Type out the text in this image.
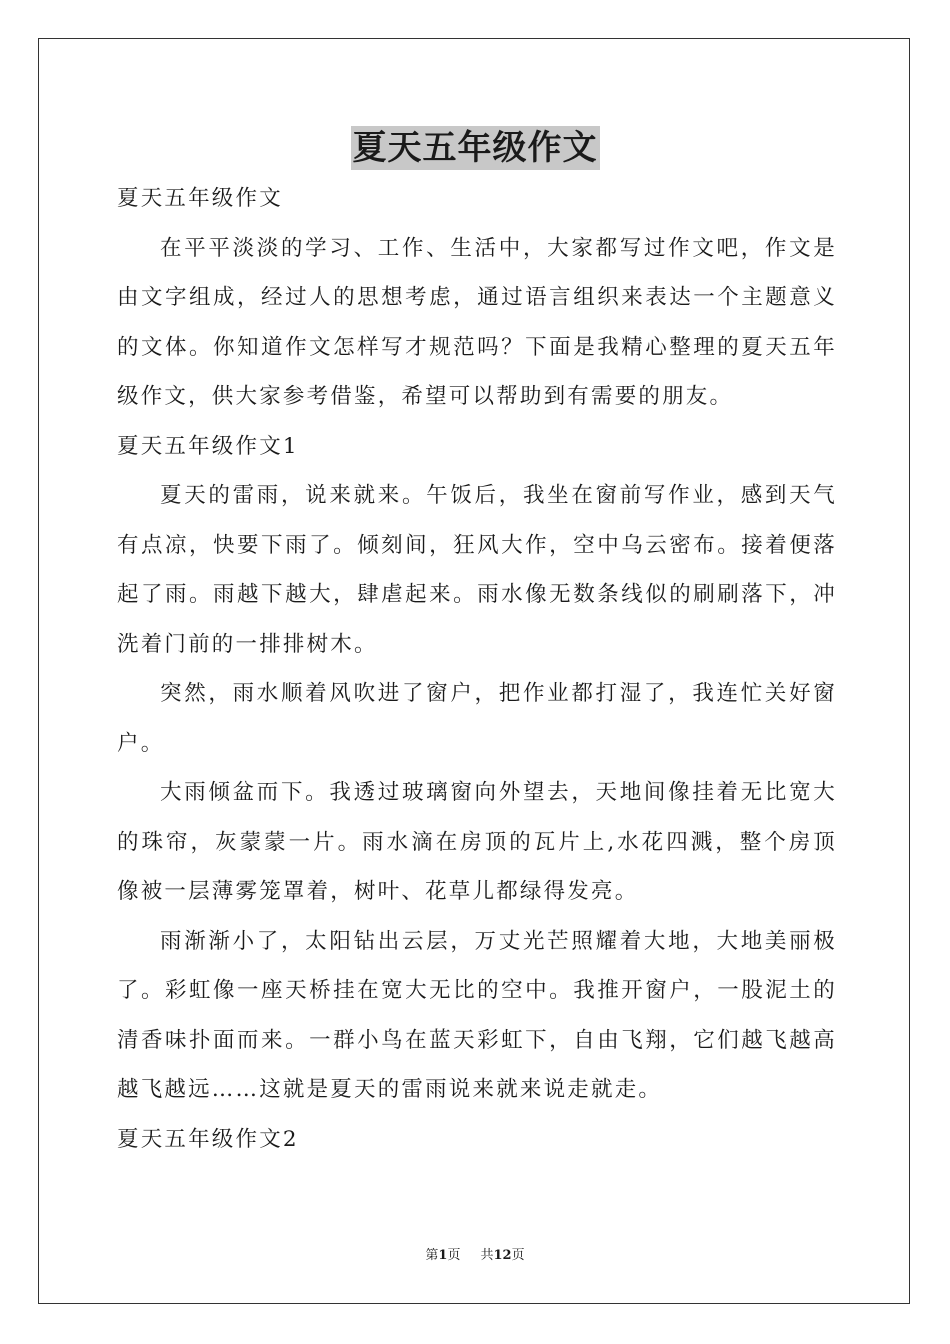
夏天五年级作文

夏天五年级作文

在平平淡淡的学习、工作、生活中，大家都写过作文吧，作文是由文字组成，经过人的思想考虑，通过语言组织来表达一个主题意义的文体。你知道作文怎样写才规范吗？下面是我精心整理的夏天五年级作文，供大家参考借鉴，希望可以帮助到有需要的朋友。

夏天五年级作文1

夏天的雷雨，说来就来。午饭后，我坐在窗前写作业，感到天气有点凉，快要下雨了。倾刻间，狂风大作，空中乌云密布。接着便落起了雨。雨越下越大，肆虐起来。雨水像无数条线似的刷刷落下，冲洗着门前的一排排树木。

突然，雨水顺着风吹进了窗户，把作业都打湿了，我连忙关好窗户。

大雨倾盆而下。我透过玻璃窗向外望去，天地间像挂着无比宽大的珠帘，灰蒙蒙一片。雨水滴在房顶的瓦片上,水花四溅，整个房顶像被一层薄雾笼罩着，树叶、花草儿都绿得发亮。

雨渐渐小了，太阳钻出云层，万丈光芒照耀着大地，大地美丽极了。彩虹像一座天桥挂在宽大无比的空中。我推开窗户，一股泥土的清香味扑面而来。一群小鸟在蓝天彩虹下，自由飞翔，它们越飞越高越飞越远……这就是夏天的雷雨说来就来说走就走。

夏天五年级作文2

第1页 共12页
